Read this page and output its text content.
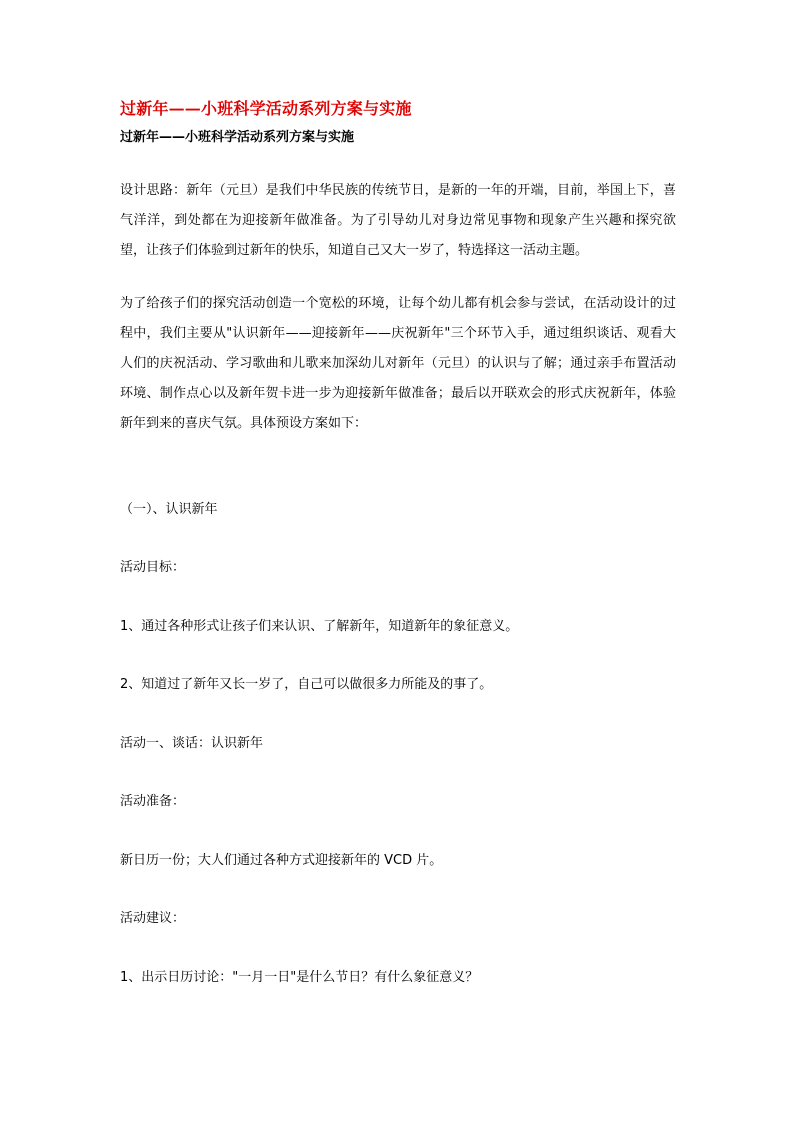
过新年——小班科学活动系列方案与实施
过新年——小班科学活动系列方案与实施
设计思路：新年（元旦）是我们中华民族的传统节日，是新的一年的开端，目前，举国上下，喜气洋洋，到处都在为迎接新年做准备。为了引导幼儿对身边常见事物和现象产生兴趣和探究欲望，让孩子们体验到过新年的快乐，知道自己又大一岁了，特选择这一活动主题。
为了给孩子们的探究活动创造一个宽松的环境，让每个幼儿都有机会参与尝试，在活动设计的过程中，我们主要从"认识新年——迎接新年——庆祝新年"三个环节入手，通过组织谈话、观看大人们的庆祝活动、学习歌曲和儿歌来加深幼儿对新年（元旦）的认识与了解；通过亲手布置活动环境、制作点心以及新年贺卡进一步为迎接新年做准备；最后以开联欢会的形式庆祝新年，体验新年到来的喜庆气氛。具体预设方案如下：
（一）、认识新年
活动目标：
1、通过各种形式让孩子们来认识、了解新年，知道新年的象征意义。
2、知道过了新年又长一岁了，自己可以做很多力所能及的事了。
活动一、谈话：认识新年
活动准备：
新日历一份；大人们通过各种方式迎接新年的 VCD 片。
活动建议：
1、出示日历讨论："一月一日"是什么节日？有什么象征意义？
